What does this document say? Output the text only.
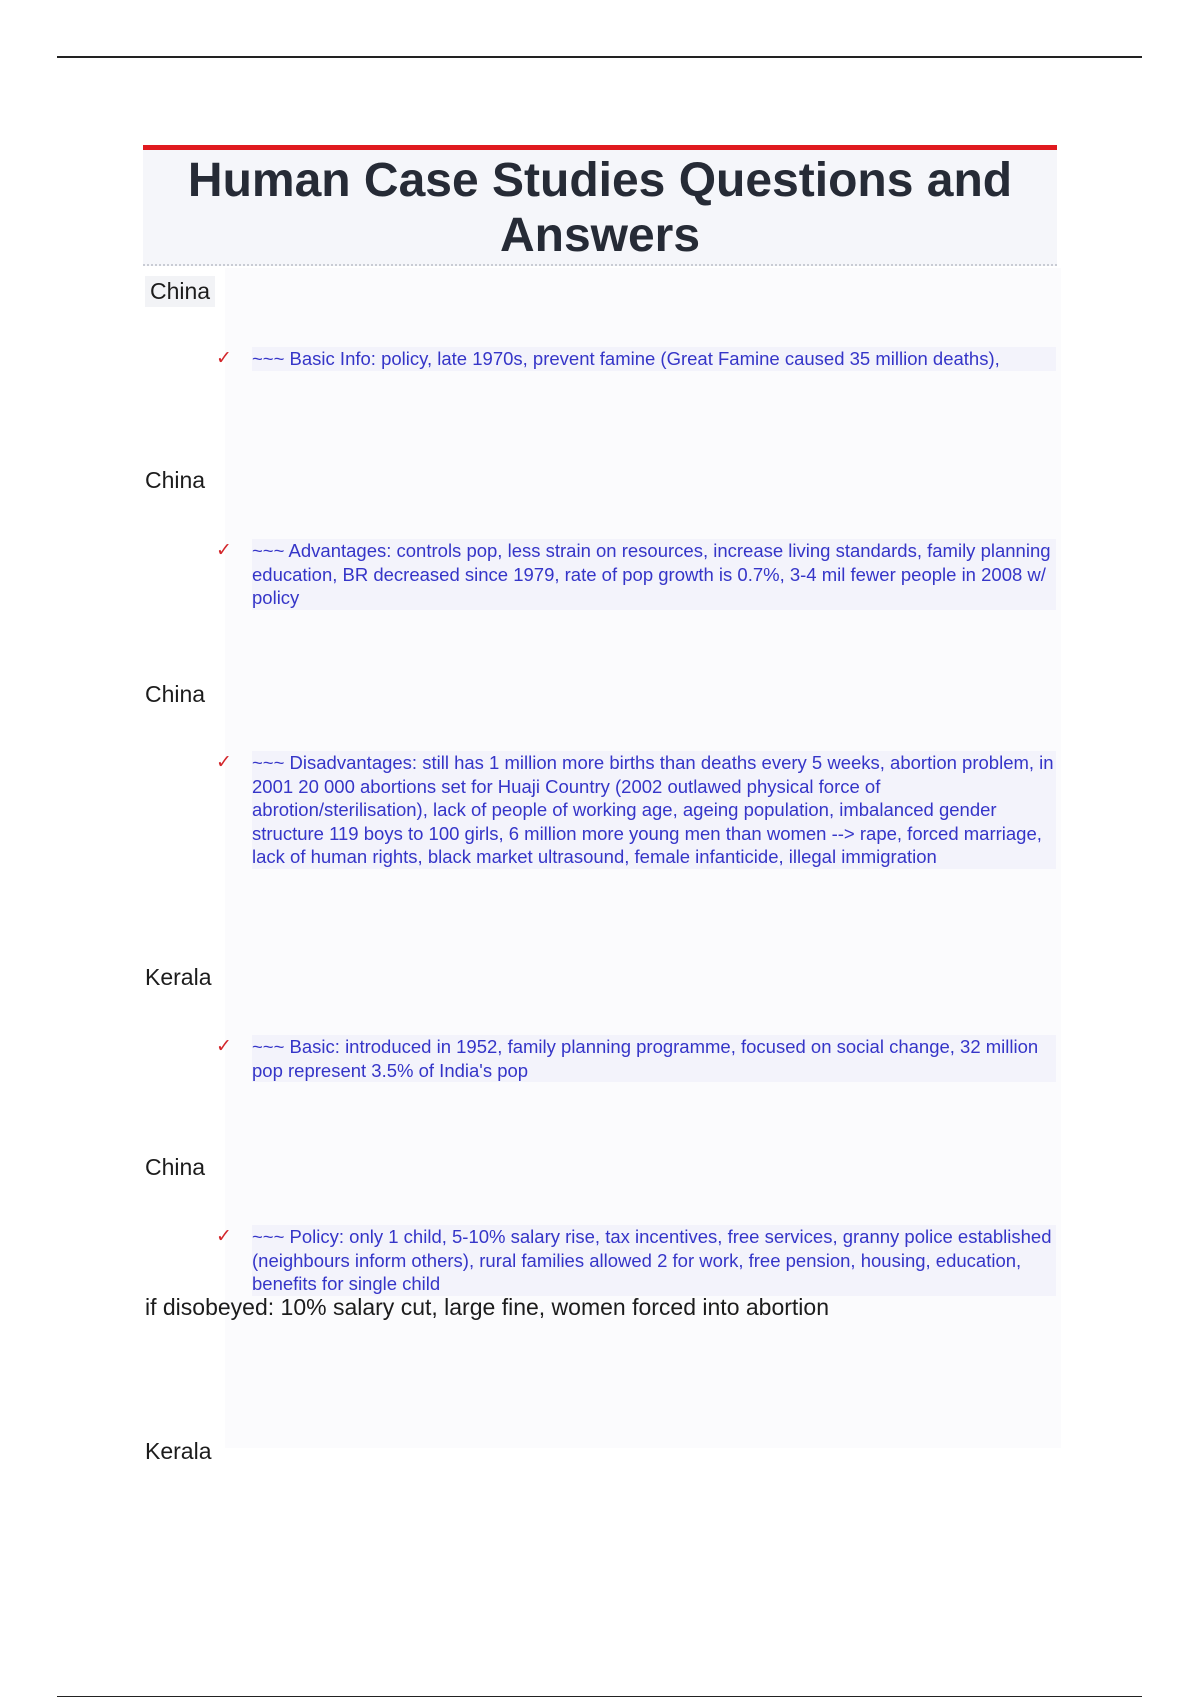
Human Case Studies Questions and Answers
China
✓	~~~ Basic Info: policy, late 1970s, prevent famine (Great Famine caused 35 million deaths),
China
✓	~~~ Advantages: controls pop, less strain on resources, increase living standards, family planning education, BR decreased since 1979, rate of pop growth is 0.7%, 3-4 mil fewer people in 2008 w/ policy
China
✓	~~~ Disadvantages: still has 1 million more births than deaths every 5 weeks, abortion problem, in 2001 20 000 abortions set for Huaji Country (2002 outlawed physical force of abrotion/sterilisation), lack of people of working age, ageing population, imbalanced gender structure 119 boys to 100 girls, 6 million more young men than women --> rape, forced marriage, lack of human rights, black market ultrasound, female infanticide, illegal immigration
Kerala
✓	~~~ Basic: introduced in 1952, family planning programme, focused on social change, 32 million pop represent 3.5% of India's pop
China
✓	~~~ Policy: only 1 child, 5-10% salary rise, tax incentives, free services, granny police established (neighbours inform others), rural families allowed 2 for work, free pension, housing, education, benefits for single child
if disobeyed: 10% salary cut, large fine, women forced into abortion
Kerala
